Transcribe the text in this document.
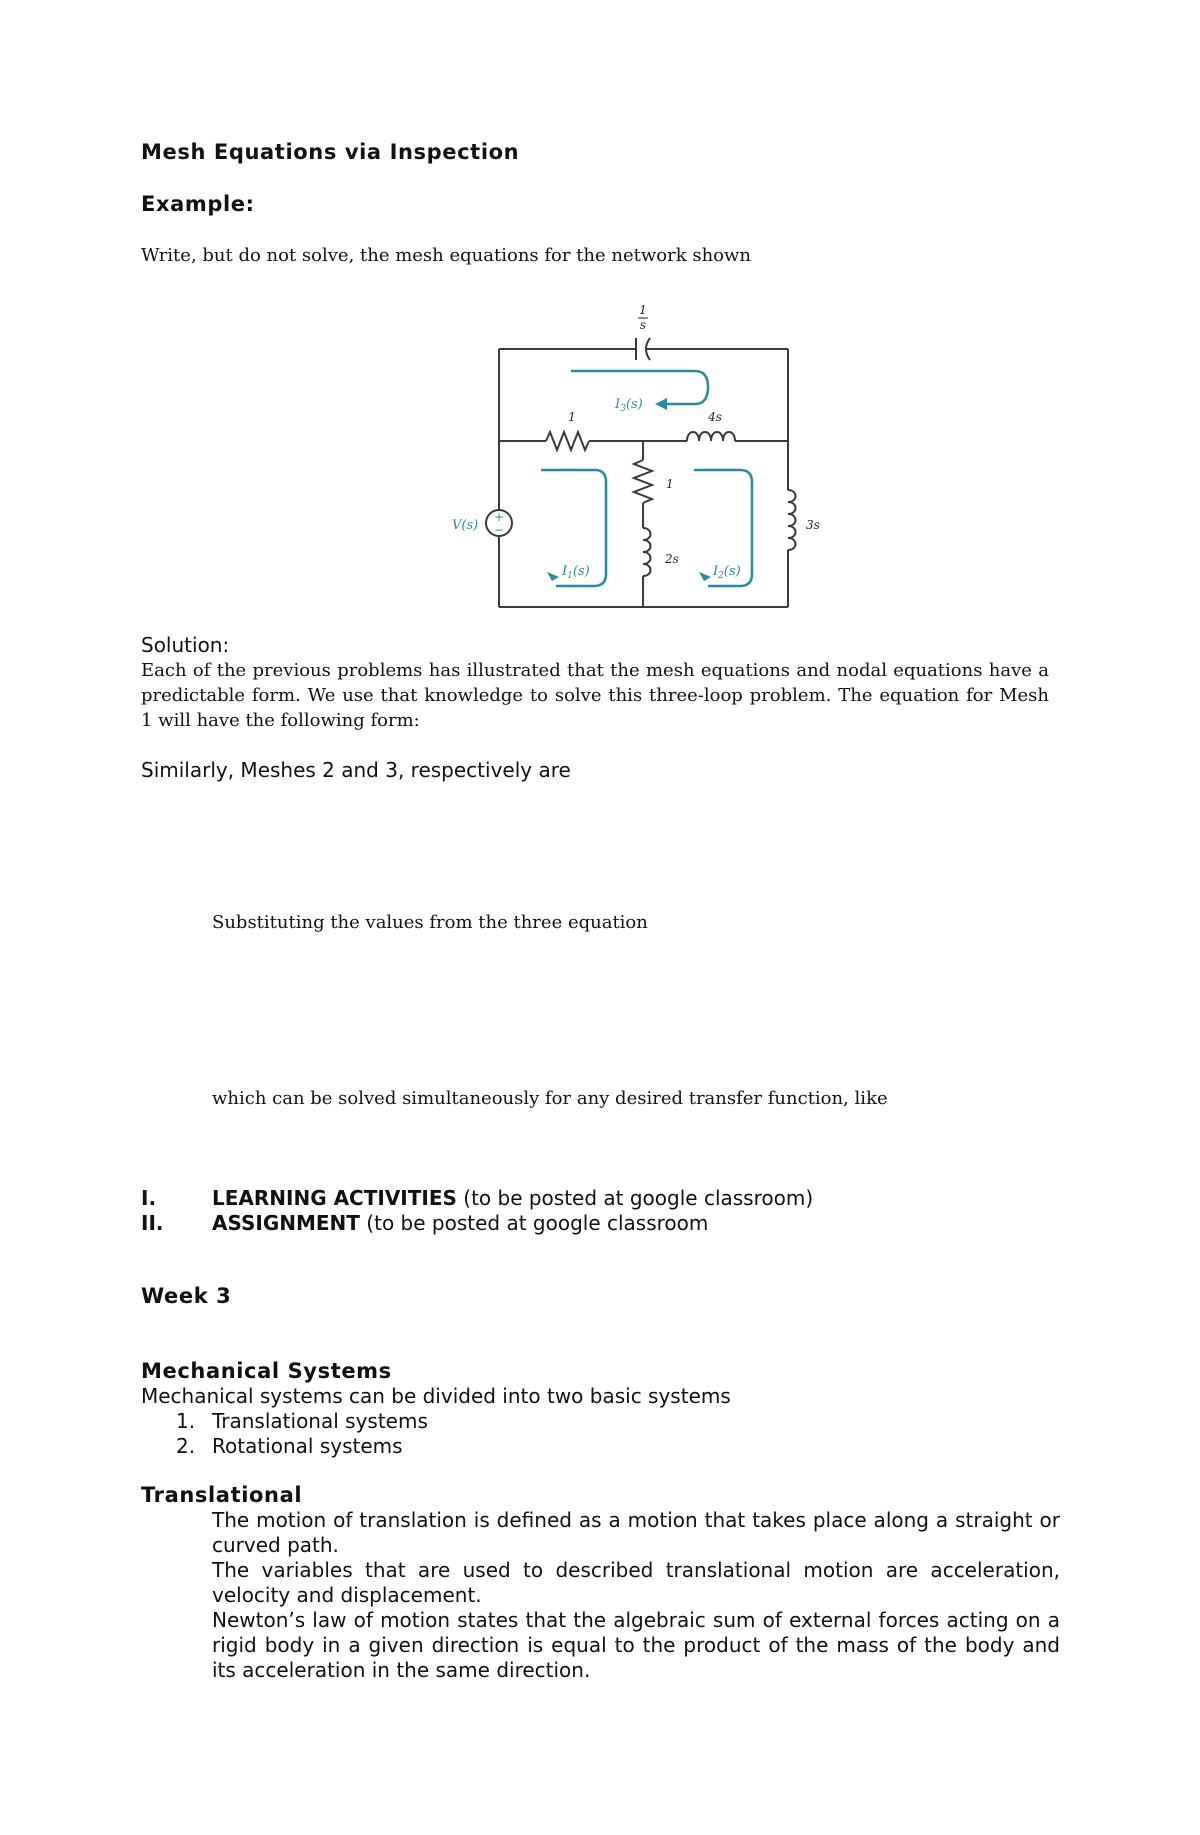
Mesh Equations via Inspection
Example:
Write, but do not solve, the mesh equations for the network shown
+
−
1
s
1	4s
1
2s
3s
V(s)
$I_3(s)$
$I_1(s)$	$I_2(s)$
Solution:
Each of the previous problems has illustrated that the mesh equations and nodal equations have a predictable form. We use that knowledge to solve this three-loop problem. The equation for Mesh 1 will have the following form:
Similarly, Meshes 2 and 3, respectively are
Substituting the values from the three equation
which can be solved simultaneously for any desired transfer function, like
I.	LEARNING ACTIVITIES (to be posted at google classroom)
II. ASSIGNMENT (to be posted at google classroom
Week 3
Mechanical Systems
Mechanical systems can be divided into two basic systems
1. Translational systems
2. Rotational systems
Translational
The motion of translation is defined as a motion that takes place along a straight or curved path.
The variables that are used to described translational motion are acceleration, velocity and displacement.
Newton’s law of motion states that the algebraic sum of external forces acting on a rigid body in a given direction is equal to the product of the mass of the body and its acceleration in the same direction.
